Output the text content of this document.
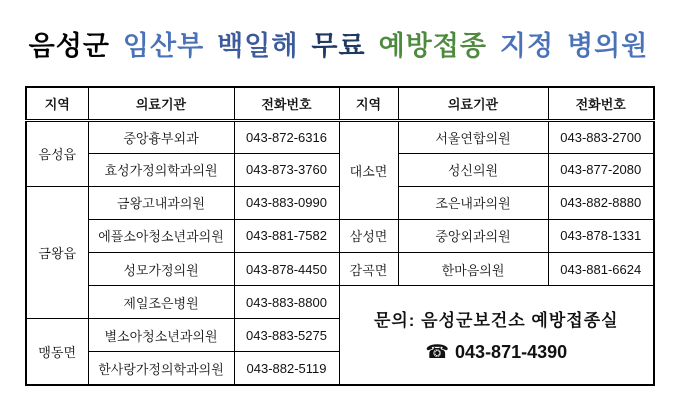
음성군 임산부 백일해 무료 예방접종 지정 병의원
지역	의료기관	전화번호	지역	의료기관	전화번호
음성읍	중앙흉부외과	043-872-6316	대소면	서울연합의원	043-883-2700
	효성가정의학과의원	043-873-3760		성신의원	043-877-2080
금왕읍	금왕고내과의원	043-883-0990		조은내과의원	043-882-8880
	에플소아청소년과의원	043-881-7582	삼성면	중앙외과의원	043-878-1331
	성모가정의원	043-878-4450	감곡면	한마음의원	043-881-6624
	제일조은병원	043-883-8800	문의: 음성군보건소 예방접종실
☎ 043-871-4390		

맹동면	별소아청소년과의원	043-883-5275			
	한사랑가정의학과의원	043-882-5119			
